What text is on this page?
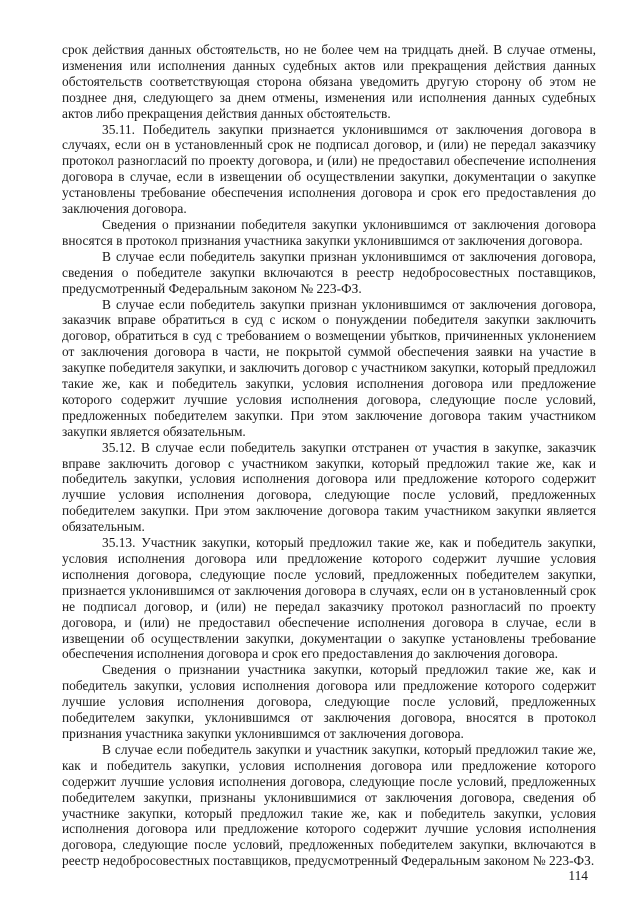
срок действия данных обстоятельств, но не более чем на тридцать дней. В случае отмены, изменения или исполнения данных судебных актов или прекращения действия данных обстоятельств соответствующая сторона обязана уведомить другую сторону об этом не позднее дня, следующего за днем отмены, изменения или исполнения данных судебных актов либо прекращения действия данных обстоятельств.

35.11. Победитель закупки признается уклонившимся от заключения договора в случаях, если он в установленный срок не подписал договор, и (или) не передал заказчику протокол разногласий по проекту договора, и (или) не предоставил обеспечение исполнения договора в случае, если в извещении об осуществлении закупки, документации о закупке установлены требование обеспечения исполнения договора и срок его предоставления до заключения договора.

Сведения о признании победителя закупки уклонившимся от заключения договора вносятся в протокол признания участника закупки уклонившимся от заключения договора.

В случае если победитель закупки признан уклонившимся от заключения договора, сведения о победителе закупки включаются в реестр недобросовестных поставщиков, предусмотренный Федеральным законом № 223-ФЗ.

В случае если победитель закупки признан уклонившимся от заключения договора, заказчик вправе обратиться в суд с иском о понуждении победителя закупки заключить договор, обратиться в суд с требованием о возмещении убытков, причиненных уклонением от заключения договора в части, не покрытой суммой обеспечения заявки на участие в закупке победителя закупки, и заключить договор с участником закупки, который предложил такие же, как и победитель закупки, условия исполнения договора или предложение которого содержит лучшие условия исполнения договора, следующие после условий, предложенных победителем закупки. При этом заключение договора таким участником закупки является обязательным.

35.12. В случае если победитель закупки отстранен от участия в закупке, заказчик вправе заключить договор с участником закупки, который предложил такие же, как и победитель закупки, условия исполнения договора или предложение которого содержит лучшие условия исполнения договора, следующие после условий, предложенных победителем закупки. При этом заключение договора таким участником закупки является обязательным.

35.13. Участник закупки, который предложил такие же, как и победитель закупки, условия исполнения договора или предложение которого содержит лучшие условия исполнения договора, следующие после условий, предложенных победителем закупки, признается уклонившимся от заключения договора в случаях, если он в установленный срок не подписал договор, и (или) не передал заказчику протокол разногласий по проекту договора, и (или) не предоставил обеспечение исполнения договора в случае, если в извещении об осуществлении закупки, документации о закупке установлены требование обеспечения исполнения договора и срок его предоставления до заключения договора.

Сведения о признании участника закупки, который предложил такие же, как и победитель закупки, условия исполнения договора или предложение которого содержит лучшие условия исполнения договора, следующие после условий, предложенных победителем закупки, уклонившимся от заключения договора, вносятся в протокол признания участника закупки уклонившимся от заключения договора.

В случае если победитель закупки и участник закупки, который предложил такие же, как и победитель закупки, условия исполнения договора или предложение которого содержит лучшие условия исполнения договора, следующие после условий, предложенных победителем закупки, признаны уклонившимися от заключения договора, сведения об участнике закупки, который предложил такие же, как и победитель закупки, условия исполнения договора или предложение которого содержит лучшие условия исполнения договора, следующие после условий, предложенных победителем закупки, включаются в реестр недобросовестных поставщиков, предусмотренный Федеральным законом № 223-ФЗ.

114
